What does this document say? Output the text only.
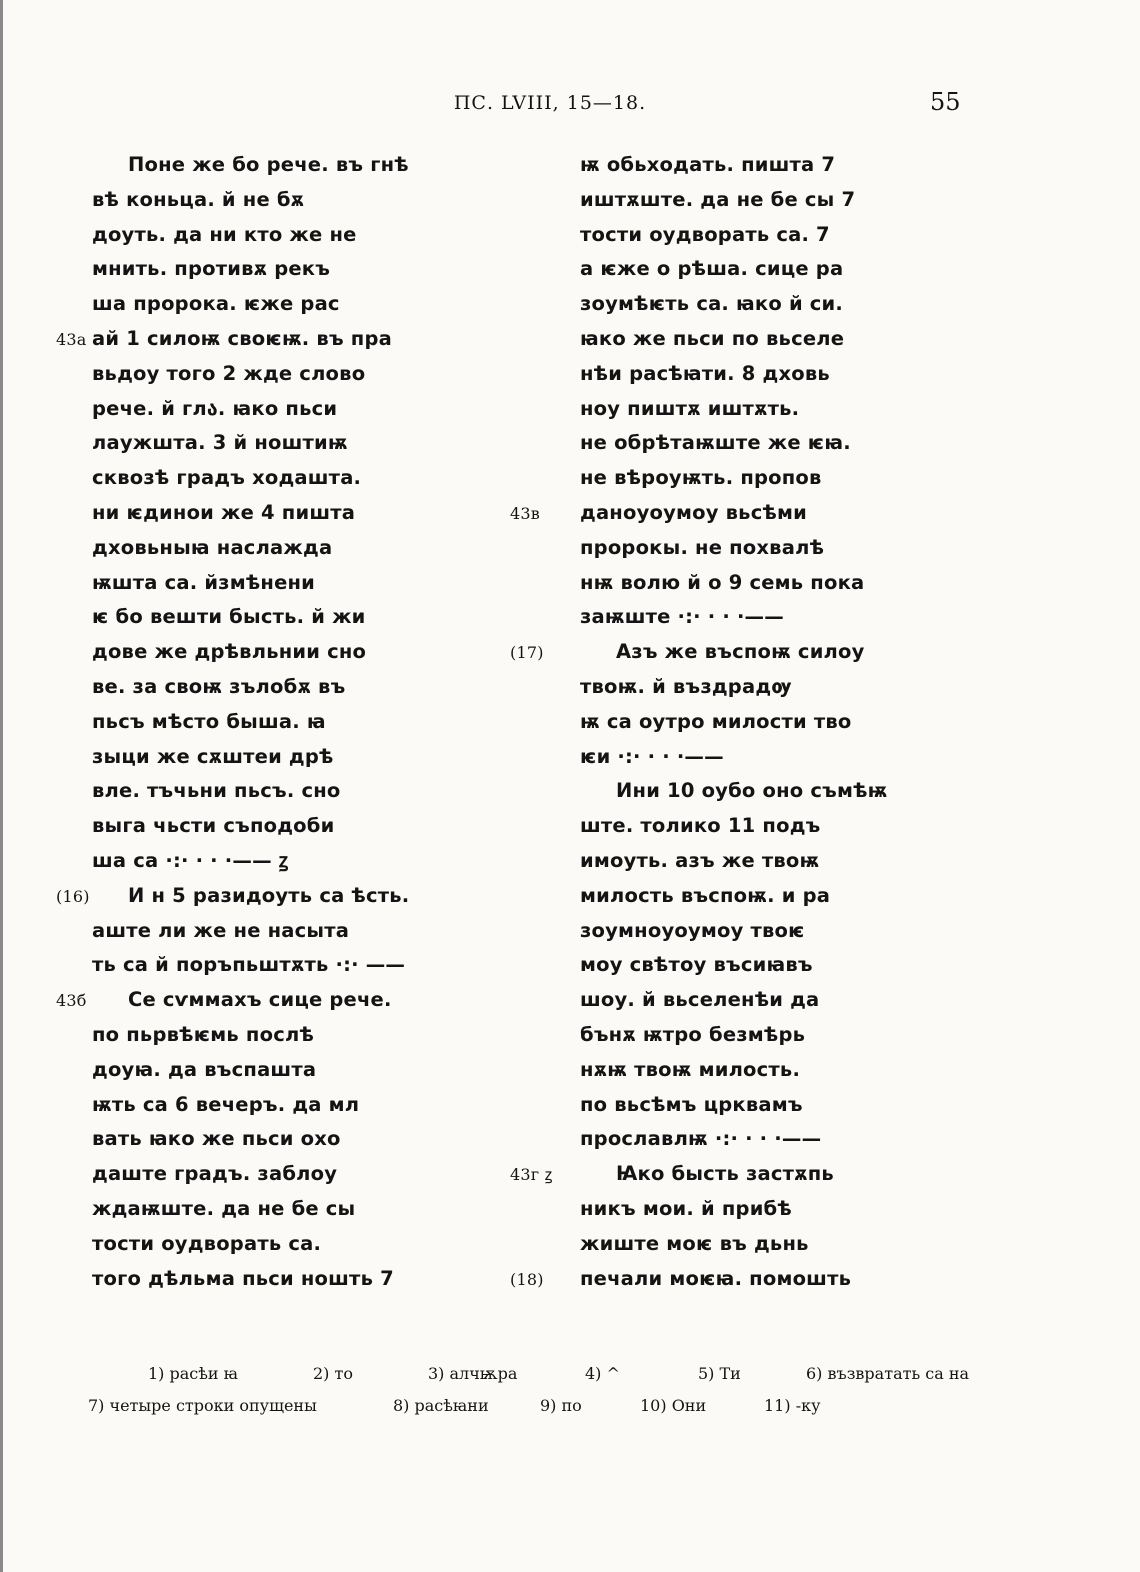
ПС. LVIII, 15—18.	55
Поне же бо рече. въ гнѣ
вѣ коньца. й не бѫ
доуть. да ни кто же не
мнить. противѫ рекъ
ша пророка. ѥже рас
43а ай 1 силоѭ своѥѭ. въ пра
вьдоу того 2 жде слово
рече. й глა. ꙗко пьси
лаужшта. 3 й ноштиѭ
сквозѣ градъ ходашта.
ни ѥдинои же 4 пишта
дховьныꙗ наслажда
ѭшта са. йзмѣнени
ѥ бо вешти бысть. й жи
дове же дрѣвльнии сно
ве. за своѭ зълобѫ въ
пьсъ мѣсто быша. ꙗ
зыци же сѫштеи дрѣ
вле. тъчьни пьсъ. сно
выга чьсти съподоби
ша са ·:· · · ·—— ꙁ
(16) И н 5 разидоуть са ѣсть.
аште ли же не насыта
ть са й поръпьштѫть ·:· ——
43б Се сѵммахъ сице рече.
по пьрвѣѥмь послѣ
доуꙗ. да въспашта
ѭть са 6 вечеръ. да мл
вать ꙗко же пьси охо
даште градъ. заблоу
ждаѭште. да не бе сы
тости оудворать са.
того дѣльма пьси ношть 7
ѭ обьходать. пишта 7
иштѫште. да не бе сы 7
тости оудворать са. 7
а ѥже о рѣша. сице ра
зоумѣѥть са. ꙗко й си.
ꙗко же пьси по вьселе
нѣи расѣꙗти. 8 дховь
ноу пиштѫ иштѫть.
не обрѣтаѭште же ѥꙗ.
не вѣроуѭть. пропов
43в даноуоумоу вьсѣми
пророкы. не похвалѣ
нѭ волю й о 9 семь пока
заѭште ·:· · · ·——
(17)	Азъ же въспоѭ силоу
твоѭ. й въздрадѹ
ѭ са оутро милости тво
ѥи ·:· · · ·——
Ини 10 оубо оно съмѣѭ
ште. толико 11 подъ
имоуть. азъ же твоѭ
милость въспоѭ. и ра
зоумноуоумоу твоѥ
моу свѣтоу въсиꙗвъ
шоу. й вьселенѣи да
бънѫ ѭтро безмѣрь
нѫѭ твоѭ милость.
по вьсѣмъ црквамъ
прославлѭ ·:· · · ·——
43г ꙁ	Ꙗко бысть застѫпь
никъ мои. й прибѣ
жиште моѥ въ дьнь
(18) печали моѥꙗ. помошть
1) расѣи ꙗ	2) то	3) алчѭра	4) ^	5) Ти	6) възвратать са на
7) четыре строки опущены	8) расѣꙗни	9) по	10) Они	11) -ку
